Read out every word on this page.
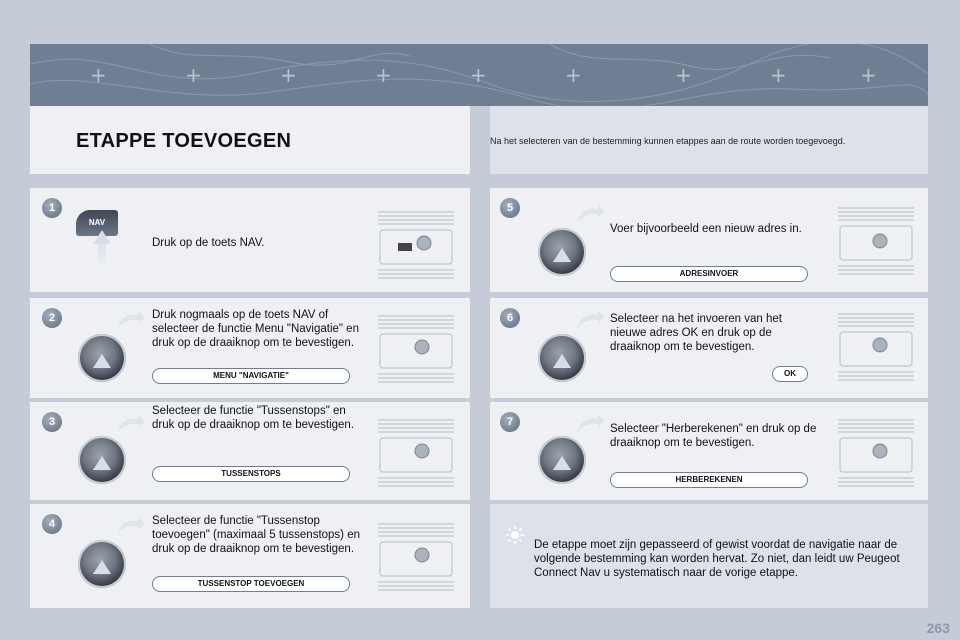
+	+	+	+	+	+	+	+	+
ETAPPE TOEVOEGEN	Na het selecteren van de bestemming kunnen etappes aan de route worden toegevoegd.
1
NAV
Druk op de toets NAV.
2	Druk nogmaals op de toets NAV of selecteer de functie Menu "Navigatie" en druk op de draaiknop om te bevestigen.
MENU "NAVIGATIE"
3
Selecteer de functie "Tussenstops" en druk op de draaiknop om te bevestigen.
TUSSENSTOPS
4	Selecteer de functie "Tussenstop toevoegen" (maximaal 5 tussenstops) en druk op de draaiknop om te bevestigen.
TUSSENSTOP TOEVOEGEN
5
Voer bijvoorbeeld een nieuw adres in.
ADRESINVOER
6	Selecteer na het invoeren van het nieuwe adres OK en druk op de draaiknop om te bevestigen.
OK
7
Selecteer "Herberekenen" en druk op de draaiknop om te bevestigen.
HERBEREKENEN
De etappe moet zijn gepasseerd of gewist voordat de navigatie naar de volgende bestemming kan worden hervat. Zo niet, dan leidt uw Peugeot Connect Nav u systematisch naar de vorige etappe.
263
